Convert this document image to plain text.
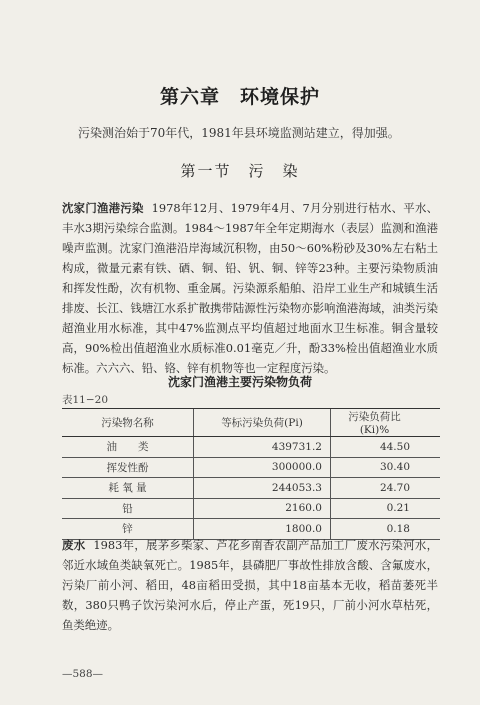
第六章　环境保护
污染测治始于70年代，1981年县环境监测站建立，得加强。
第一节　污　染
沈家门渔港污染 1978年12月、1979年4月、7月分别进行枯水、平水、丰水3期污染综合监测。1984～1987年全年定期海水（表层）监测和渔港噪声监测。沈家门渔港沿岸海域沉积物，由50～60%粉砂及30%左右粘土构成，微量元素有铁、硒、铜、铅、钒、铜、锌等23种。主要污染物质油和挥发性酚，次有机物、重金属。污染源系船舶、沿岸工业生产和城镇生活排废、长江、钱塘江水系扩散携带陆源性污染物亦影响渔港海域，油类污染超渔业用水标准，其中47%监测点平均值超过地面水卫生标准。铜含量较高，90%检出值超渔业水质标准0.01毫克／升，酚33%检出值超渔业水质标准。六六六、铅、铬、锌有机物等也一定程度污染。
沈家门渔港主要污染物负荷
表11−20
污染物名称	等标污染负荷(Pi)	污染负荷比(Ki)%
油　　类	439731.2	44.50
挥发性酚	300000.0	30.40
耗 氧 量	244053.3	24.70
铅	2160.0	0.21
锌	1800.0	0.18
废水 1983年，展茅乡柴家、芦花乡南香农副产品加工厂废水污染河水，邻近水域鱼类缺氧死亡。1985年，县磷肥厂事故性排放含酸、含氟废水，污染厂前小河、稻田，48亩稻田受损，其中18亩基本无收，稻苗萎死半数，380只鸭子饮污染河水后，停止产蛋，死19只，厂前小河水草枯死，鱼类绝迹。
—588—
